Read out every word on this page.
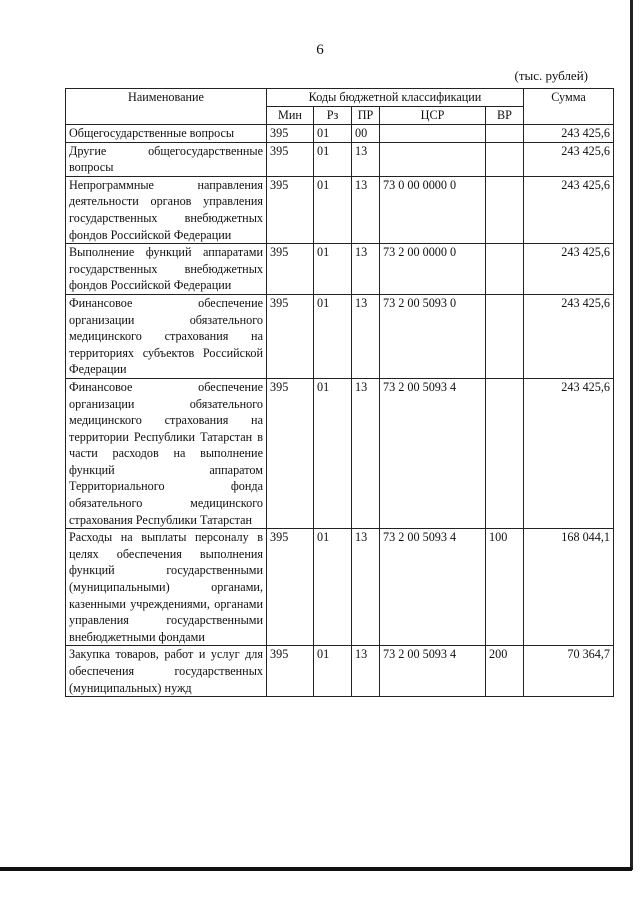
6
(тыс. рублей)
Наименование	Коды бюджетной классификации					Сумма
	Мин	Рз	ПР	ЦСР	ВР	
Общегосударственные вопросы	395	01	00			243 425,6
Другие общегосударственные вопросы	395	01	13			243 425,6
Непрограммные направления деятельности органов управления государственных внебюджетных фондов Российской Федерации	395	01	13	73 0 00 0000 0		243 425,6
Выполнение функций аппаратами государственных внебюджетных фондов Российской Федерации	395	01	13	73 2 00 0000 0		243 425,6
Финансовое обеспечение организации обязательного медицинского страхования на территориях субъектов Российской Федерации	395	01	13	73 2 00 5093 0		243 425,6
Финансовое обеспечение организации обязательного медицинского страхования на территории Республики Татарстан в части расходов на выполнение функций аппаратом Территориального фонда обязательного медицинского страхования Республики Татарстан	395	01	13	73 2 00 5093 4		243 425,6
Расходы на выплаты персоналу в целях обеспечения выполнения функций государственными (муниципальными) органами, казенными учреждениями, органами управления государственными внебюджетными фондами	395	01	13	73 2 00 5093 4	100	168 044,1
Закупка товаров, работ и услуг для обеспечения государственных (муниципальных) нужд	395	01	13	73 2 00 5093 4	200	70 364,7
